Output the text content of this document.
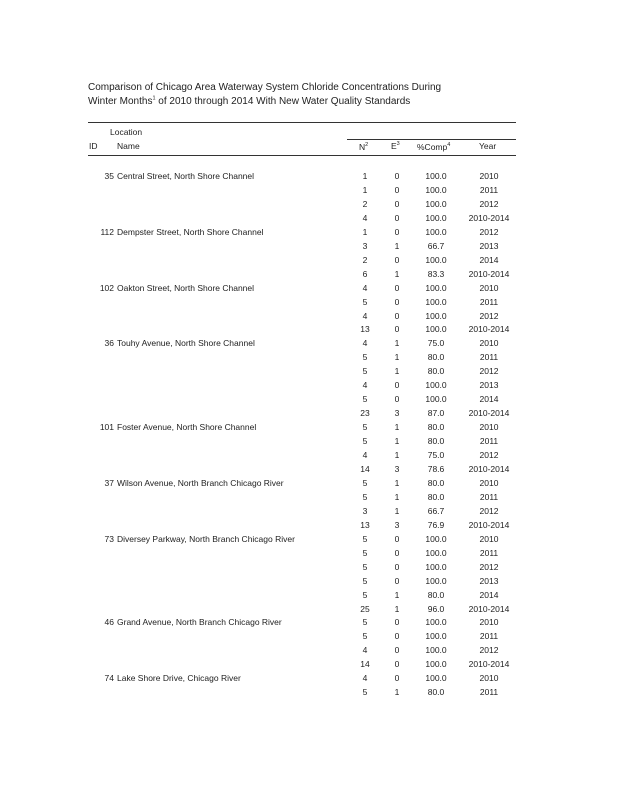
Comparison of Chicago Area Waterway System Chloride Concentrations During
Winter Months$^1$ of 2010 through 2014 With New Water Quality Standards
Location
ID Name	$N^2$	$E^3$ %Comp$^4$	Year
35 Central Street, North Shore Channel	1	0	100.0	2010
1	0	100.0	2011
2	0	100.0	2012
4	0	100.0	2010-2014
112 Dempster Street, North Shore Channel	1	0	100.0	2012
3	1	66.7	2013
2	0	100.0	2014
6	1	83.3	2010-2014
102 Oakton Street, North Shore Channel	4	0	100.0	2010
5	0	100.0	2011
4	0	100.0	2012
13	0	100.0	2010-2014
36 Touhy Avenue, North Shore Channel	4	1	75.0	2010
5	1	80.0	2011
5	1	80.0	2012
4	0	100.0	2013
5	0	100.0	2014
23	3	87.0	2010-2014
101 Foster Avenue, North Shore Channel	5	1	80.0	2010
5	1	80.0	2011
4	1	75.0	2012
14	3	78.6	2010-2014
37 Wilson Avenue, North Branch Chicago River	5	1	80.0	2010
5	1	80.0	2011
3	1	66.7	2012
13	3	76.9	2010-2014
73 Diversey Parkway, North Branch Chicago River	5	0	100.0	2010
5	0	100.0	2011
5	0	100.0	2012
5	0	100.0	2013
5	1	80.0	2014
25	1	96.0	2010-2014
46 Grand Avenue, North Branch Chicago River	5	0	100.0	2010
5	0	100.0	2011
4	0	100.0	2012
14	0	100.0	2010-2014
74 Lake Shore Drive, Chicago River	4	0	100.0	2010
5	1	80.0	2011
